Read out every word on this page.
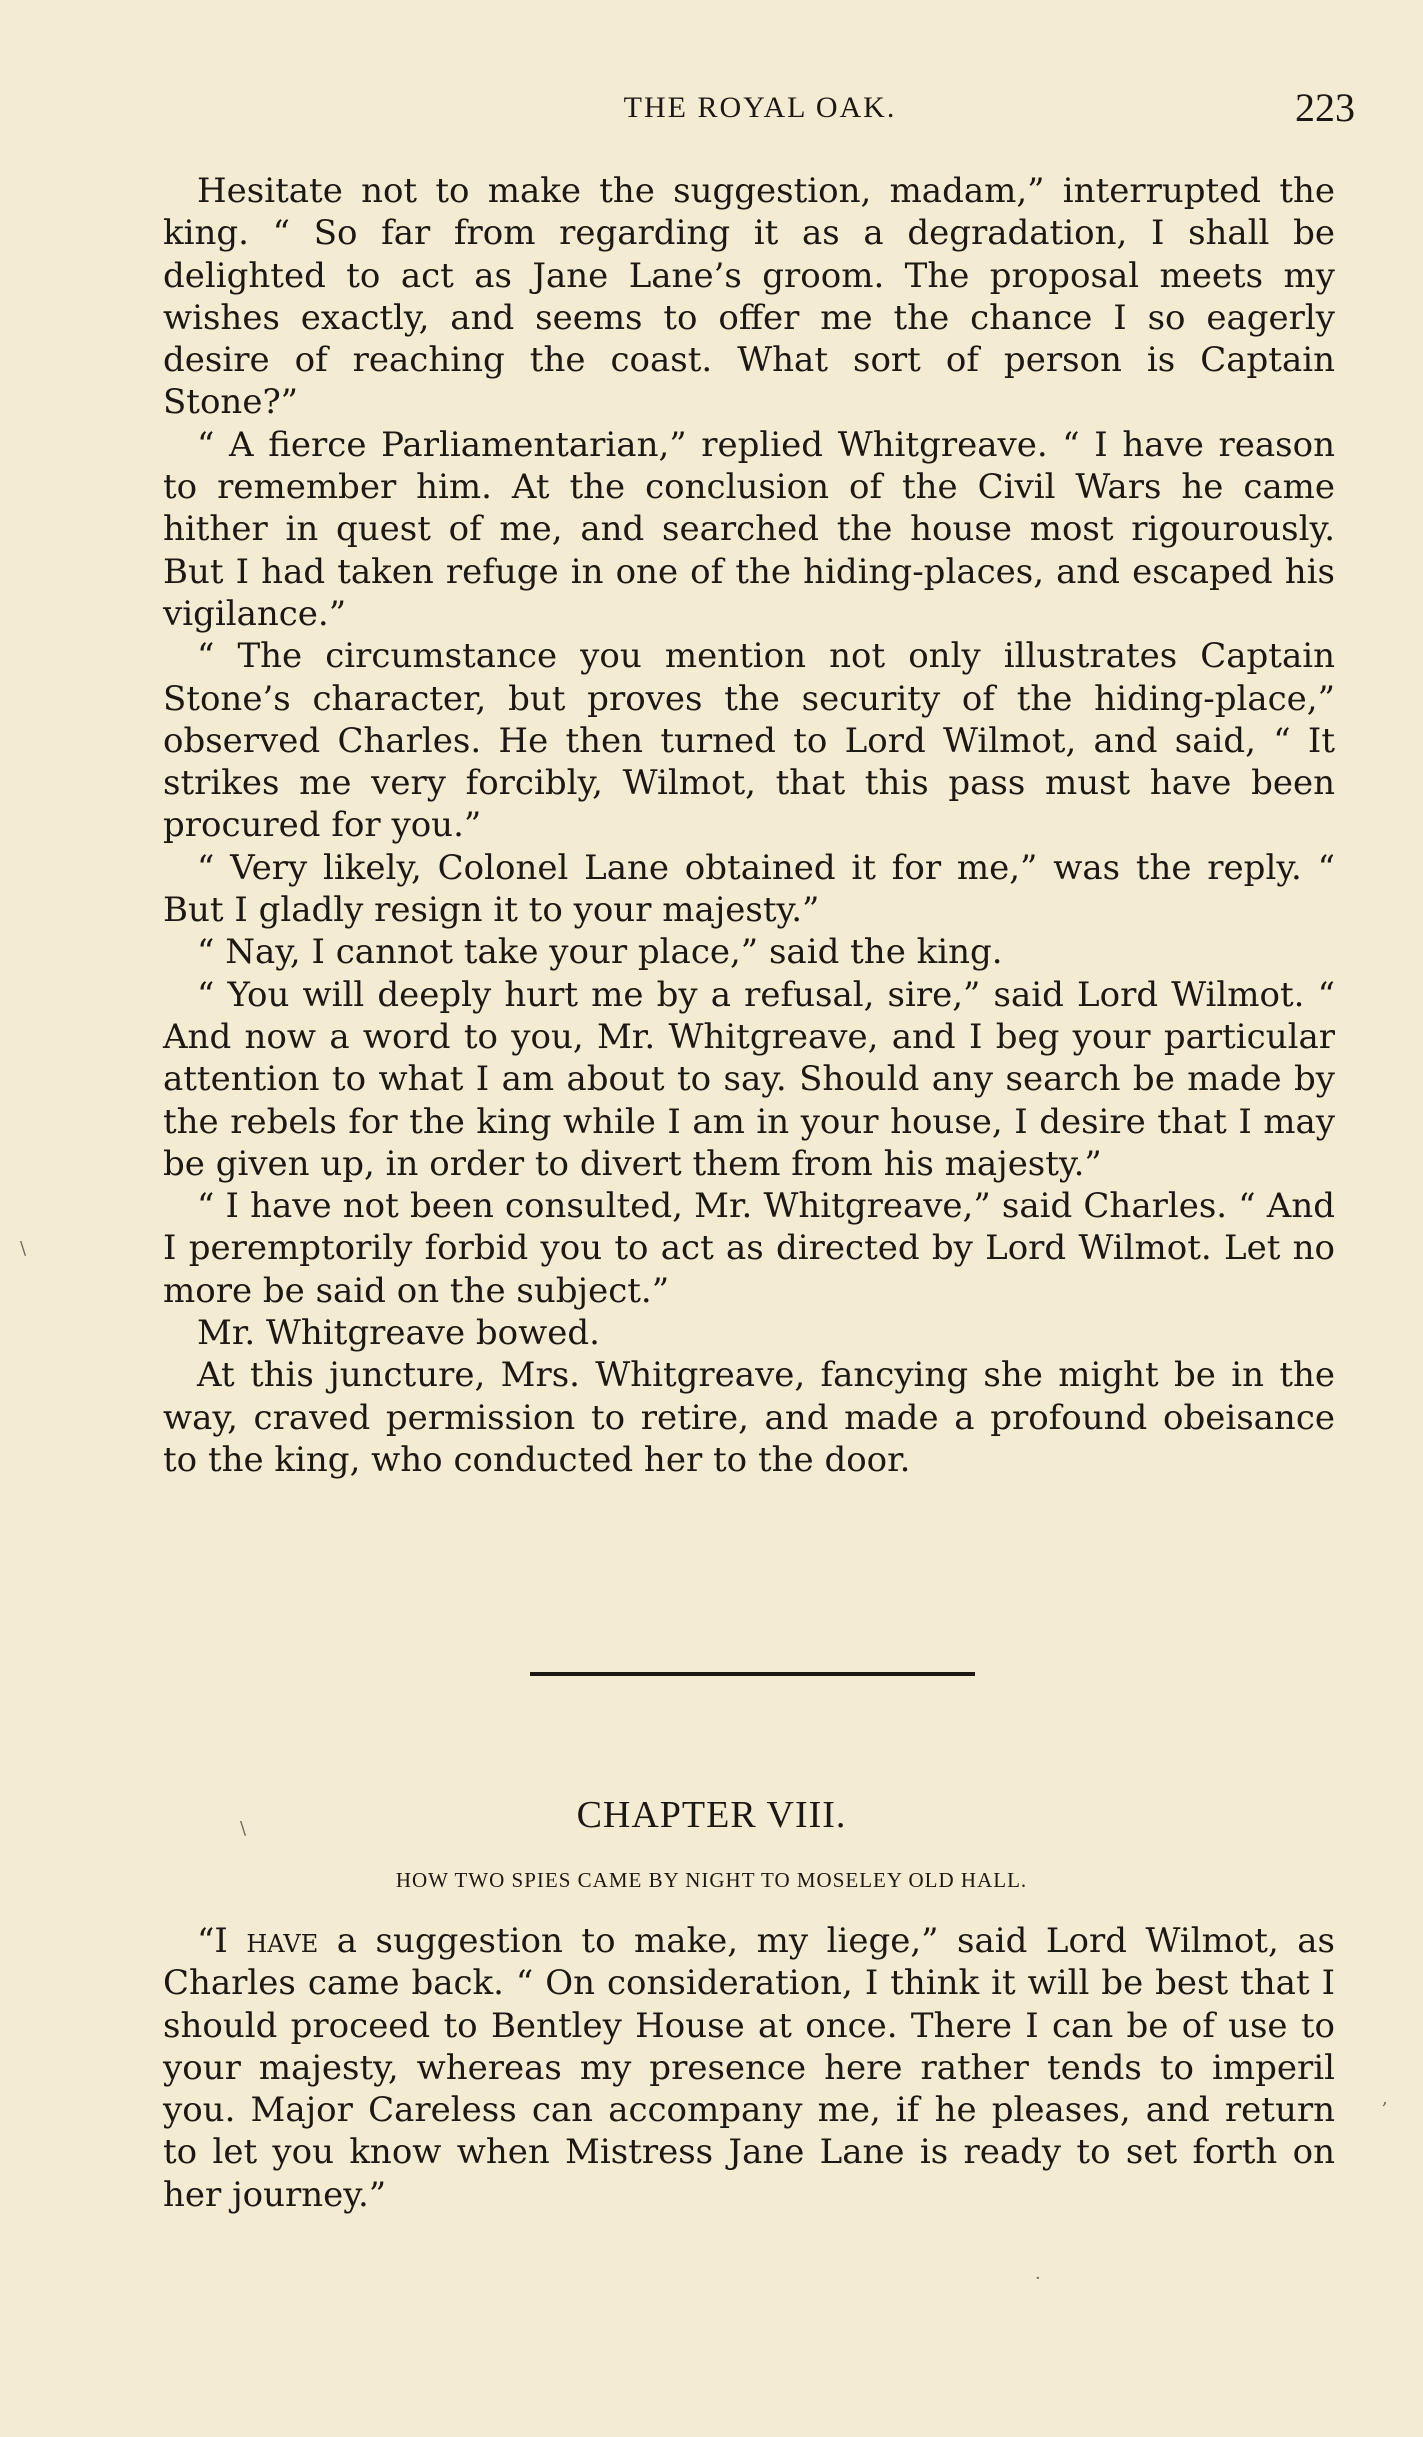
THE ROYAL OAK.	223

Hesitate not to make the suggestion, madam,” interrupted the king. “ So far from regarding it as a degradation, I shall be delighted to act as Jane Lane’s groom. The proposal meets my wishes exactly, and seems to offer me the chance I so eagerly desire of reaching the coast. What sort of person is Captain Stone?”

“ A fierce Parliamentarian,” replied Whitgreave. “ I have reason to remember him. At the conclusion of the Civil Wars he came hither in quest of me, and searched the house most rigourously. But I had taken refuge in one of the hiding-places, and escaped his vigilance.”

“ The circumstance you mention not only illustrates Captain Stone’s character, but proves the security of the hiding-place,” observed Charles. He then turned to Lord Wilmot, and said, “ It strikes me very forcibly, Wilmot, that this pass must have been procured for you.”

“ Very likely, Colonel Lane obtained it for me,” was the reply. “ But I gladly resign it to your majesty.”

“ Nay, I cannot take your place,” said the king.

“ You will deeply hurt me by a refusal, sire,” said Lord Wilmot. “ And now a word to you, Mr. Whitgreave, and I beg your particular attention to what I am about to say. Should any search be made by the rebels for the king while I am in your house, I desire that I may be given up, in order to divert them from his majesty.”

“ I have not been consulted, Mr. Whitgreave,” said Charles. “ And I peremptorily forbid you to act as directed by Lord Wilmot. Let no more be said on the subject.”

Mr. Whitgreave bowed.

At this juncture, Mrs. Whitgreave, fancying she might be in the way, craved permission to retire, and made a profound obeisance to the king, who conducted her to the door.

CHAPTER VIII.
HOW TWO SPIES CAME BY NIGHT TO MOSELEY OLD HALL.

“I have a suggestion to make, my liege,” said Lord Wilmot, as Charles came back. “ On consideration, I think it will be best that I should proceed to Bentley House at once. There I can be of use to your majesty, whereas my presence here rather tends to imperil you. Major Careless can accompany me, if he pleases, and return to let you know when Mistress Jane Lane is ready to set forth on her journey.”

\
\
,
·
